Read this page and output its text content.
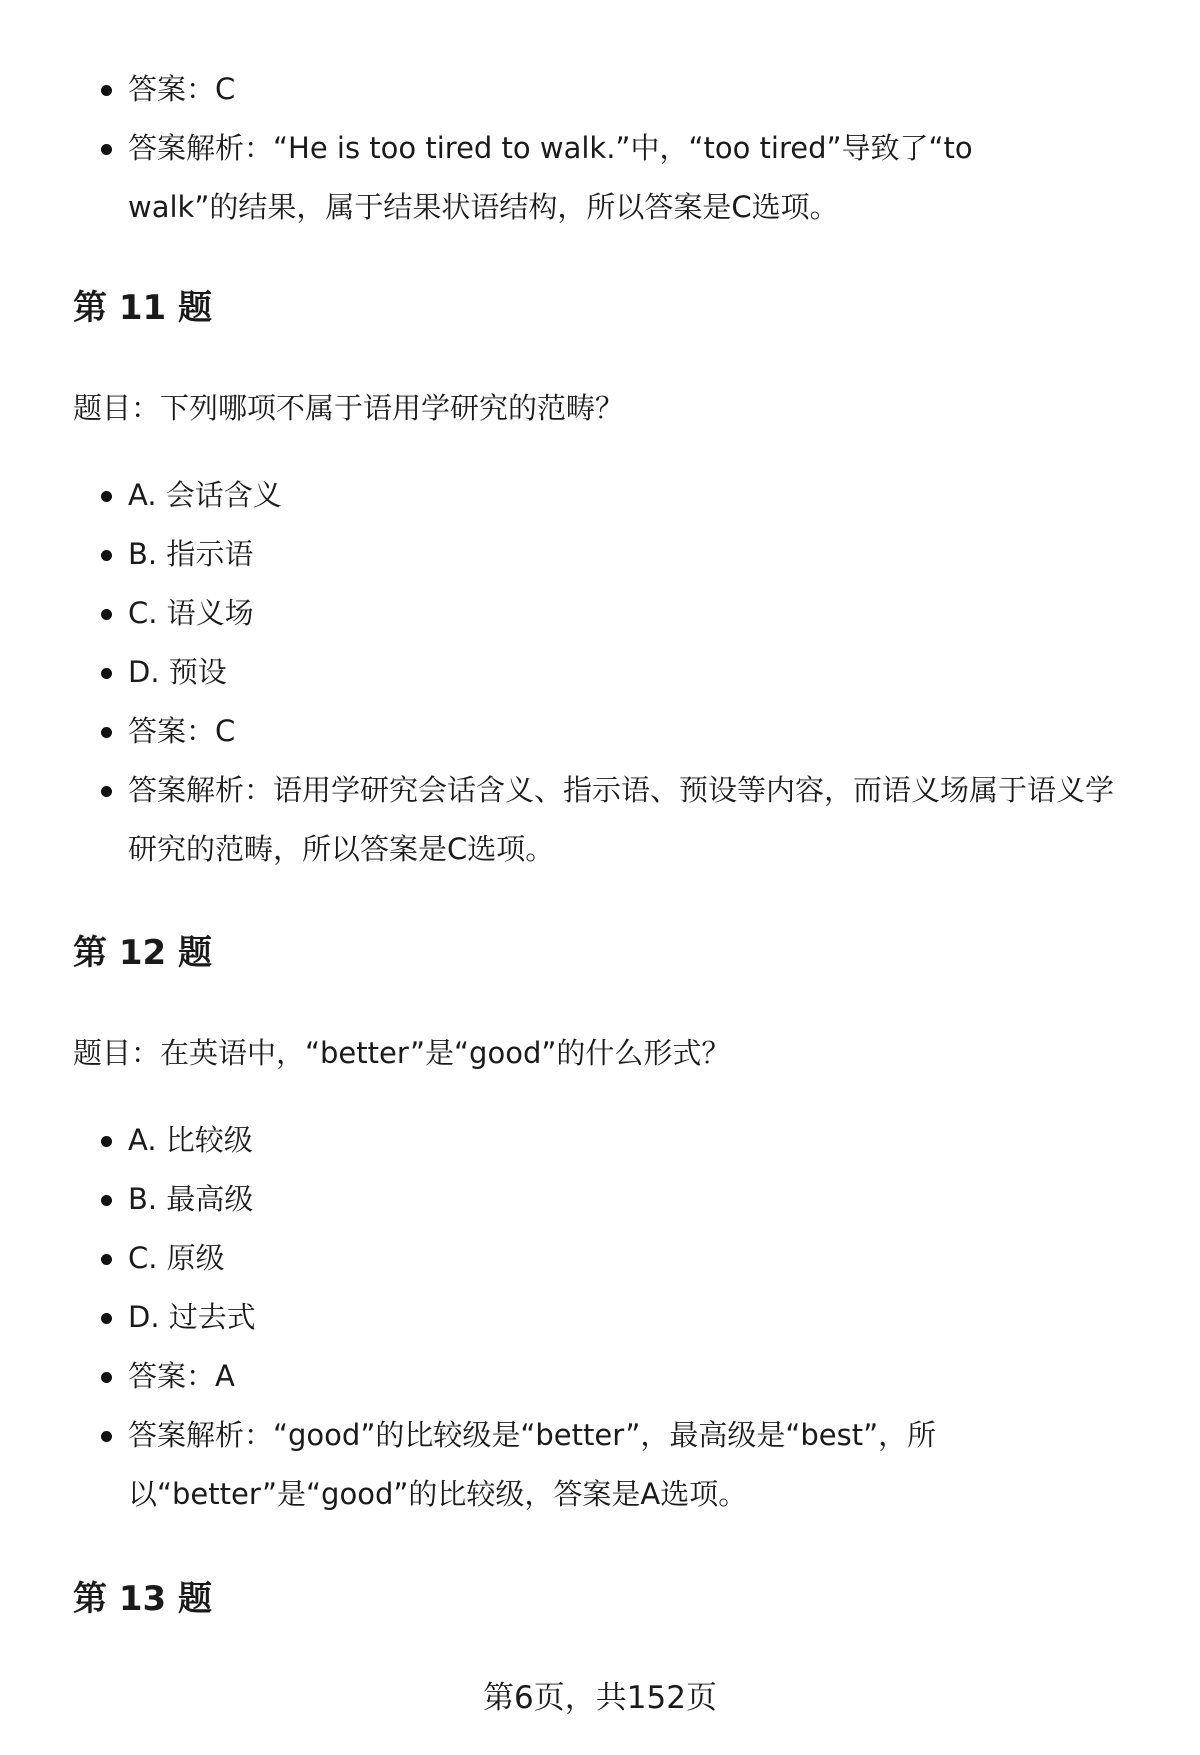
答案：C
答案解析：“He is too tired to walk.”中，“too tired”导致了“to walk”的结果，属于结果状语结构，所以答案是C选项。
第 11 题

题目：下列哪项不属于语用学研究的范畴？

A. 会话含义
B. 指示语
C. 语义场
D. 预设
答案：C
答案解析：语用学研究会话含义、指示语、预设等内容，而语义场属于语义学研究的范畴，所以答案是C选项。
第 12 题

题目：在英语中，“better”是“good”的什么形式？

A. 比较级
B. 最高级
C. 原级
D. 过去式
答案：A
答案解析：“good”的比较级是“better”，最高级是“best”，所以“better”是“good”的比较级，答案是A选项。
第 13 题
第6页，共152页
